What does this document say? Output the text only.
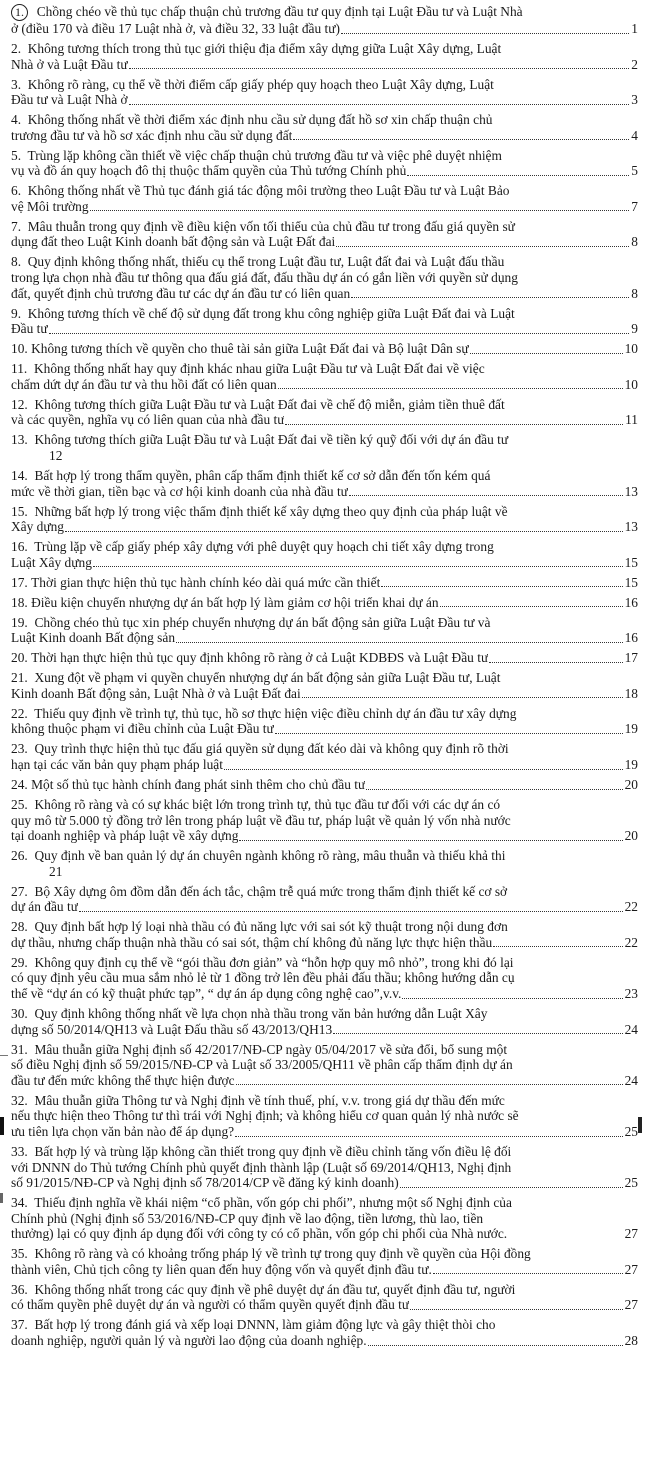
1. Chồng chéo về thủ tục chấp thuận chủ trương đầu tư quy định tại Luật Đầu tư và Luật Nhà
ở (điều 170 và điều 17 Luật nhà ở, và điều 32, 33 luật đầu tư)	1
2. Không tương thích trong thủ tục giới thiệu địa điểm xây dựng giữa Luật Xây dựng, Luật
Nhà ở và Luật Đầu tư	2
3. Không rõ ràng, cụ thể về thời điểm cấp giấy phép quy hoạch theo Luật Xây dựng, Luật
Đầu tư và Luật Nhà ở	3
4. Không thống nhất về thời điểm xác định nhu cầu sử dụng đất hồ sơ xin chấp thuận chủ
trương đầu tư và hồ sơ xác định nhu cầu sử dụng đất	4
5. Trùng lặp không cần thiết về việc chấp thuận chủ trương đầu tư và việc phê duyệt nhiệm
vụ và đồ án quy hoạch đô thị thuộc thẩm quyền của Thủ tướng Chính phủ	5
6. Không thống nhất về Thủ tục đánh giá tác động môi trường theo Luật Đầu tư và Luật Bảo
vệ Môi trường	7
7. Mâu thuẫn trong quy định về điều kiện vốn tối thiểu của chủ đầu tư trong đấu giá quyền sử
dụng đất theo Luật Kinh doanh bất động sản và Luật Đất đai	8
8. Quy định không thống nhất, thiếu cụ thể trong Luật đầu tư, Luật đất đai và Luật đấu thầu
trong lựa chọn nhà đầu tư thông qua đấu giá đất, đấu thầu dự án có gắn liền với quyền sử dụng
đất, quyết định chủ trương đầu tư các dự án đầu tư có liên quan	8
9. Không tương thích về chế độ sử dụng đất trong khu công nghiệp giữa Luật Đất đai và Luật
Đầu tư	9
10.
Không tương thích về quyền cho thuê tài sản giữa Luật Đất đai và Bộ luật Dân sự	10
11. Không thống nhất hay quy định khác nhau giữa Luật Đầu tư và Luật Đất đai về việc
chấm dứt dự án đầu tư và thu hồi đất có liên quan	10
12. Không tương thích giữa Luật Đầu tư và Luật Đất đai về chế độ miễn, giảm tiền thuê đất
và các quyền, nghĩa vụ có liên quan của nhà đầu tư	11
13. Không tương thích giữa Luật Đầu tư và Luật Đất đai về tiền ký quỹ đối với dự án đầu tư
12
14. Bất hợp lý trong thẩm quyền, phân cấp thẩm định thiết kế cơ sở dẫn đến tốn kém quá
mức về thời gian, tiền bạc và cơ hội kinh doanh của nhà đầu tư	13
15. Những bất hợp lý trong việc thẩm định thiết kế xây dựng theo quy định của pháp luật về
Xây dựng	13
16. Trùng lặp về cấp giấy phép xây dựng với phê duyệt quy hoạch chi tiết xây dựng trong
Luật Xây dựng	15
17.
Thời gian thực hiện thủ tục hành chính kéo dài quá mức cần thiết	15
18.
Điều kiện chuyển nhượng dự án bất hợp lý làm giảm cơ hội triển khai dự án	16
19. Chồng chéo thủ tục xin phép chuyển nhượng dự án bất động sản giữa Luật Đầu tư và
Luật Kinh doanh Bất động sản	16
20.
Thời hạn thực hiện thủ tục quy định không rõ ràng ở cả Luật KDBĐS và Luật Đầu tư	17
21. Xung đột về phạm vi quyền chuyển nhượng dự án bất động sản giữa Luật Đầu tư, Luật
Kinh doanh Bất động sản, Luật Nhà ở và Luật Đất đai	18
22. Thiếu quy định về trình tự, thủ tục, hồ sơ thực hiện việc điều chỉnh dự án đầu tư xây dựng
không thuộc phạm vi điều chỉnh của Luật Đầu tư	19
23. Quy trình thực hiện thủ tục đấu giá quyền sử dụng đất kéo dài và không quy định rõ thời
hạn tại các văn bản quy phạm pháp luật	19
24.
Một số thủ tục hành chính đang phát sinh thêm cho chủ đầu tư	20
25. Không rõ ràng và có sự khác biệt lớn trong trình tự, thủ tục đầu tư đối với các dự án có
quy mô từ 5.000 tỷ đồng trở lên trong pháp luật về đầu tư, pháp luật về quản lý vốn nhà nước
tại doanh nghiệp và pháp luật về xây dựng	20
26. Quy định về ban quản lý dự án chuyên ngành không rõ ràng, mâu thuẫn và thiếu khả thi
21
27. Bộ Xây dựng ôm đồm dẫn đến ách tắc, chậm trễ quá mức trong thẩm định thiết kế cơ sở
dự án đầu tư	22
28. Quy định bất hợp lý loại nhà thầu có đủ năng lực với sai sót kỹ thuật trong nội dung đơn
dự thầu, nhưng chấp thuận nhà thầu có sai sót, thậm chí không đủ năng lực thực hiện thầu	22
29. Không quy định cụ thể về “gói thầu đơn giản” và “hỗn hợp quy mô nhỏ”, trong khi đó lại
có quy định yêu cầu mua sắm nhỏ lẻ từ 1 đồng trở lên đều phải đấu thầu; không hướng dẫn cụ
thể về “dự án có kỹ thuật phức tạp”, “ dự án áp dụng công nghệ cao”,v.v.	23
30. Quy định không thống nhất về lựa chọn nhà thầu trong văn bản hướng dẫn Luật Xây
dựng số 50/2014/QH13 và Luật Đấu thầu số 43/2013/QH13	24
31. Mâu thuẫn giữa Nghị định số 42/2017/NĐ-CP ngày 05/04/2017 về sửa đổi, bổ sung một
số điều Nghị định số 59/2015/NĐ-CP và Luật số 33/2005/QH11 về phân cấp thẩm định dự án
đầu tư đến mức không thể thực hiện được	24
32. Mâu thuẫn giữa Thông tư và Nghị định về tính thuế, phí, v.v. trong giá dự thầu đến mức
nếu thực hiện theo Thông tư thì trái với Nghị định; và không hiểu cơ quan quản lý nhà nước sẽ
ưu tiên lựa chọn văn bản nào để áp dụng?	25
33. Bất hợp lý và trùng lặp không cần thiết trong quy định về điều chỉnh tăng vốn điều lệ đối
với DNNN do Thủ tướng Chính phủ quyết định thành lập (Luật số 69/2014/QH13, Nghị định
số 91/2015/NĐ-CP và Nghị định số 78/2014/CP về đăng ký kinh doanh)	25
34. Thiếu định nghĩa về khái niệm “cổ phần, vốn góp chi phối”, nhưng một số Nghị định của
Chính phủ (Nghị định số 53/2016/NĐ-CP quy định về lao động, tiền lương, thù lao, tiền
thưởng) lại có quy định áp dụng đối với công ty có cổ phần, vốn góp chi phối của Nhà nước.	27
35. Không rõ ràng và có khoảng trống pháp lý về trình tự trong quy định về quyền của Hội đồng
thành viên, Chủ tịch công ty liên quan đến huy động vốn và quyết định đầu tư.	27
36. Không thống nhất trong các quy định về phê duyệt dự án đầu tư, quyết định đầu tư, người
có thẩm quyền phê duyệt dự án và người có thẩm quyền quyết định đầu tư	27
37. Bất hợp lý trong đánh giá và xếp loại DNNN, làm giảm động lực và gây thiệt thòi cho
doanh nghiệp, người quản lý và người lao động của doanh nghiệp.	28
